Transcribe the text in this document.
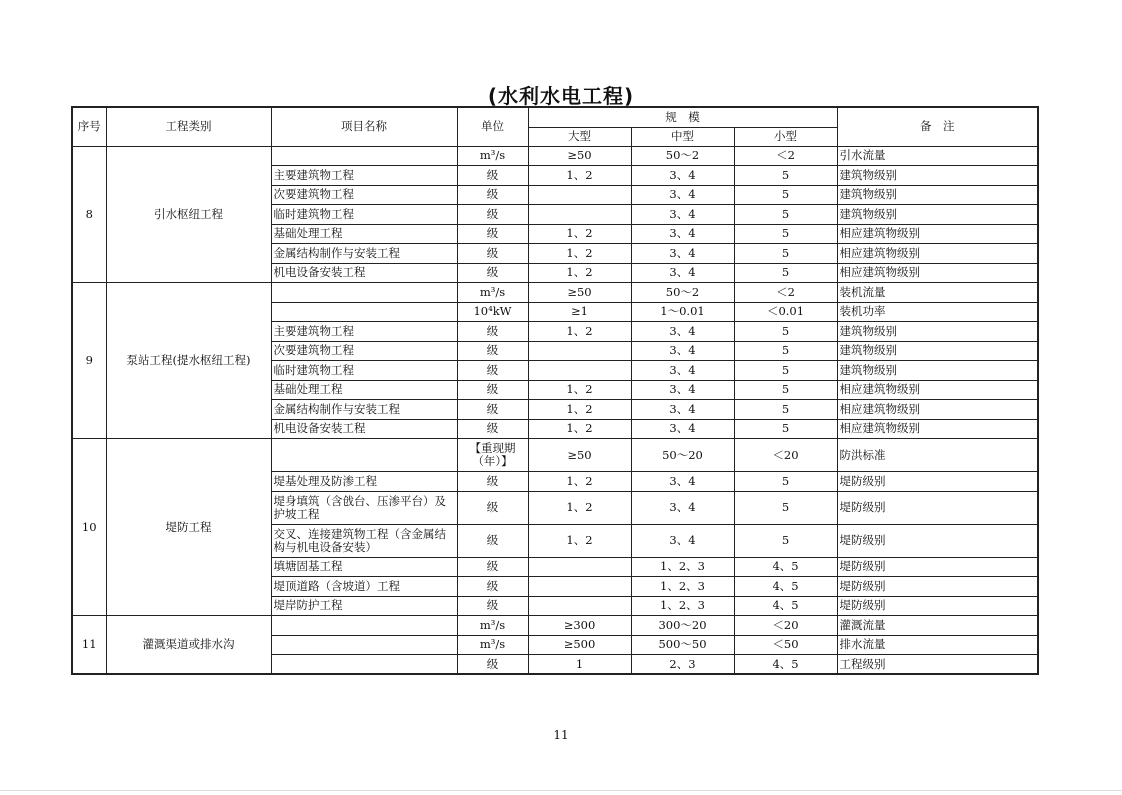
(水利水电工程)
序号	工程类别	项目名称	单位	规　模			备　注
				大型	中型	小型	
8	引水枢纽工程		m³/s	≥50	50～2	＜2	引水流量
		主要建筑物工程	级	1、2	3、4	5	建筑物级别
		次要建筑物工程	级		3、4	5	建筑物级别
		临时建筑物工程	级		3、4	5	建筑物级别
		基础处理工程	级	1、2	3、4	5	相应建筑物级别
		金属结构制作与安装工程	级	1、2	3、4	5	相应建筑物级别
		机电设备安装工程	级	1、2	3、4	5	相应建筑物级别
9	泵站工程(提水枢纽工程)		m³/s	≥50	50～2	＜2	装机流量
			10⁴kW	≥1	1～0.01	＜0.01	装机功率
		主要建筑物工程	级	1、2	3、4	5	建筑物级别
		次要建筑物工程	级		3、4	5	建筑物级别
		临时建筑物工程	级		3、4	5	建筑物级别
		基础处理工程	级	1、2	3、4	5	相应建筑物级别
		金属结构制作与安装工程	级	1、2	3、4	5	相应建筑物级别
		机电设备安装工程	级	1、2	3、4	5	相应建筑物级别
10	堤防工程		【重现期（年）】	≥50	50～20	＜20	防洪标准
		堤基处理及防渗工程	级	1、2	3、4	5	堤防级别
		堤身填筑（含戗台、压渗平台）及护坡工程	级	1、2	3、4	5	堤防级别
		交叉、连接建筑物工程（含金属结构与机电设备安装）	级	1、2	3、4	5	堤防级别
		填塘固基工程	级		1、2、3	4、5	堤防级别
		堤顶道路（含坡道）工程	级		1、2、3	4、5	堤防级别
		堤岸防护工程	级		1、2、3	4、5	堤防级别
11	灌溉渠道或排水沟		m³/s	≥300	300～20	＜20	灌溉流量
			m³/s	≥500	500～50	＜50	排水流量
			级	1	2、3	4、5	工程级别
11
